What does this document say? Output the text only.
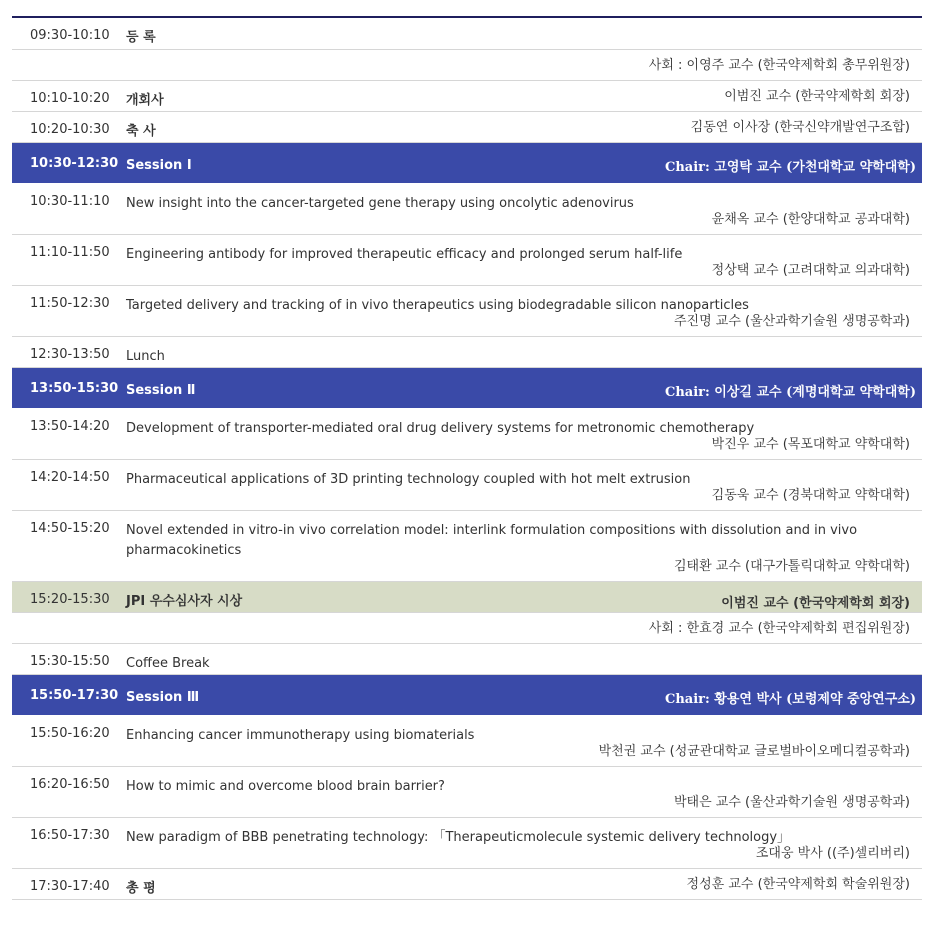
09:30-10:10 등 록
사회 : 이영주 교수 (한국약제학회 총무위원장)
10:10-10:20 개회사	이범진 교수 (한국약제학회 회장)
10:20-10:30 축 사	김동연 이사장 (한국신약개발연구조합)
10:30-12:30 Session Ⅰ	Chair: 고영탁 교수 (가천대학교 약학대학)
10:30-11:10 New insight into the cancer-targeted gene therapy using oncolytic adenovirus
윤채옥 교수 (한양대학교 공과대학)
11:10-11:50 Engineering antibody for improved therapeutic efficacy and prolonged serum half-life
정상택 교수 (고려대학교 의과대학)
11:50-12:30 Targeted delivery and tracking of in vivo therapeutics using biodegradable silicon nanoparticles
주진명 교수 (울산과학기술원 생명공학과)
12:30-13:50 Lunch
13:50-15:30 Session Ⅱ	Chair: 이상길 교수 (계명대학교 약학대학)
13:50-14:20 Development of transporter-mediated oral drug delivery systems for metronomic chemotherapy
박진우 교수 (목포대학교 약학대학)
14:20-14:50 Pharmaceutical applications of 3D printing technology coupled with hot melt extrusion
김동욱 교수 (경북대학교 약학대학)
14:50-15:20 Novel extended in vitro-in vivo correlation model: interlink formulation compositions with dissolution and in vivo pharmacokinetics
김태환 교수 (대구가톨릭대학교 약학대학)
15:20-15:30 JPI 우수심사자 시상	이범진 교수 (한국약제학회 회장)
사회 : 한효경 교수 (한국약제학회 편집위원장)
15:30-15:50 Coffee Break
15:50-17:30 Session Ⅲ	Chair: 황용연 박사 (보령제약 중앙연구소)
15:50-16:20 Enhancing cancer immunotherapy using biomaterials
박천권 교수 (성균관대학교 글로벌바이오메디컬공학과)
16:20-16:50 How to mimic and overcome blood brain barrier?
박태은 교수 (울산과학기술원 생명공학과)
16:50-17:30 New paradigm of BBB penetrating technology: 「Therapeuticmolecule systemic delivery technology」
조대웅 박사 ((주)셀리버리)
17:30-17:40 총 평	정성훈 교수 (한국약제학회 학술위원장)
